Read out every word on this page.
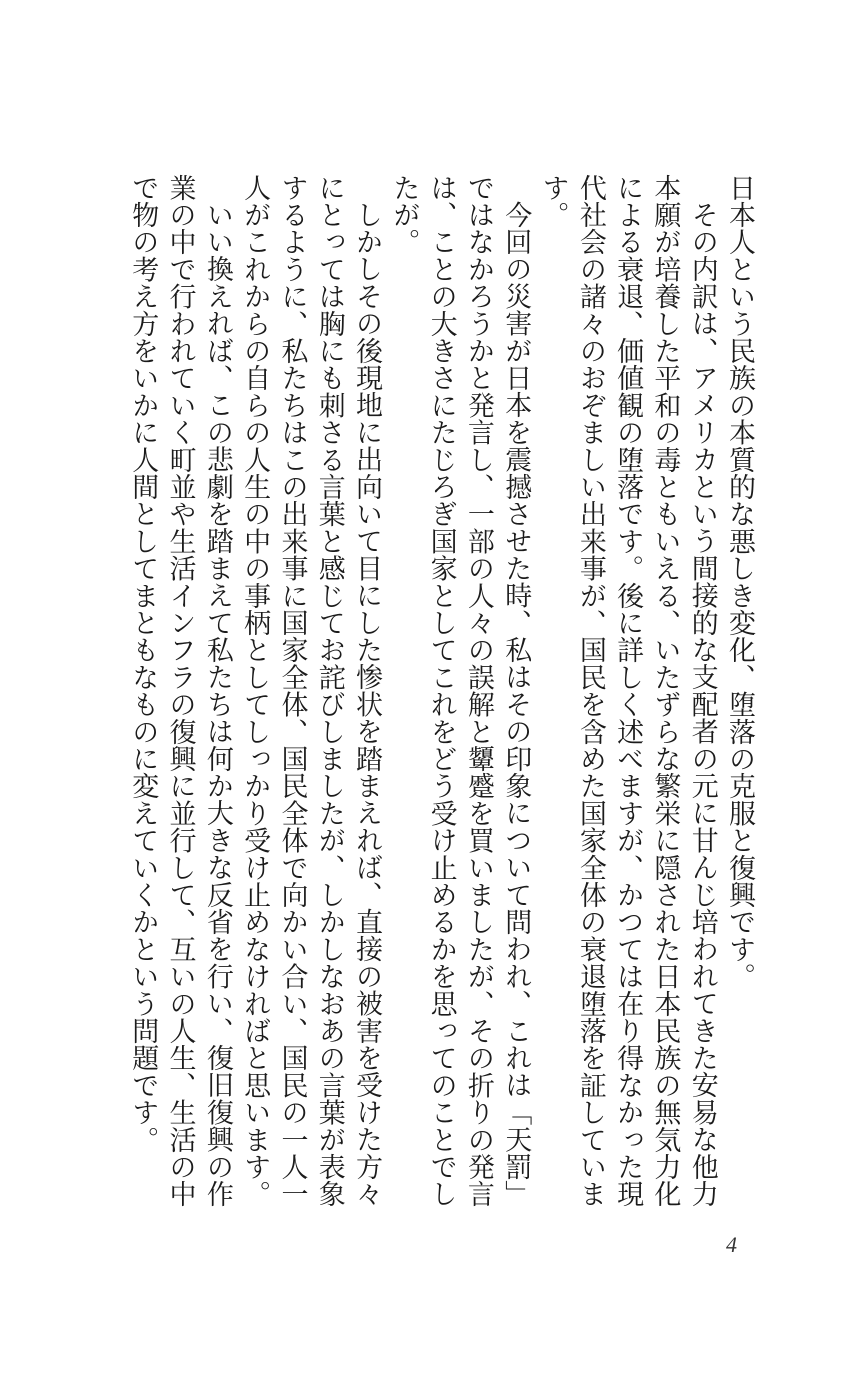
日本人という民族の本質的な悪しき変化、堕落の克服と復興です。

その内訳は、アメリカという間接的な支配者の元に甘んじ培われてきた安易な他力本願が培養した平和の毒ともいえる、いたずらな繁栄に隠された日本民族の無気力化による衰退、価値観の堕落です。後に詳しく述べますが、かつては在り得なかった現代社会の諸々のおぞましい出来事が、国民を含めた国家全体の衰退堕落を証しています。

今回の災害が日本を震撼させた時、私はその印象について問われ、これは「天罰」ではなかろうかと発言し、一部の人々の誤解と顰蹙を買いましたが、その折りの発言は、ことの大きさにたじろぎ国家としてこれをどう受け止めるかを思ってのことでしたが。

しかしその後現地に出向いて目にした惨状を踏まえれば、直接の被害を受けた方々にとっては胸にも刺さる言葉と感じてお詫びしましたが、しかしなおあの言葉が表象するように、私たちはこの出来事に国家全体、国民全体で向かい合い、国民の一人一人がこれからの自らの人生の中の事柄としてしっかり受け止めなければと思います。

いい換えれば、この悲劇を踏まえて私たちは何か大きな反省を行い、復旧復興の作業の中で行われていく町並や生活インフラの復興に並行して、互いの人生、生活の中で物の考え方をいかに人間としてまともなものに変えていくかという問題です。

4
